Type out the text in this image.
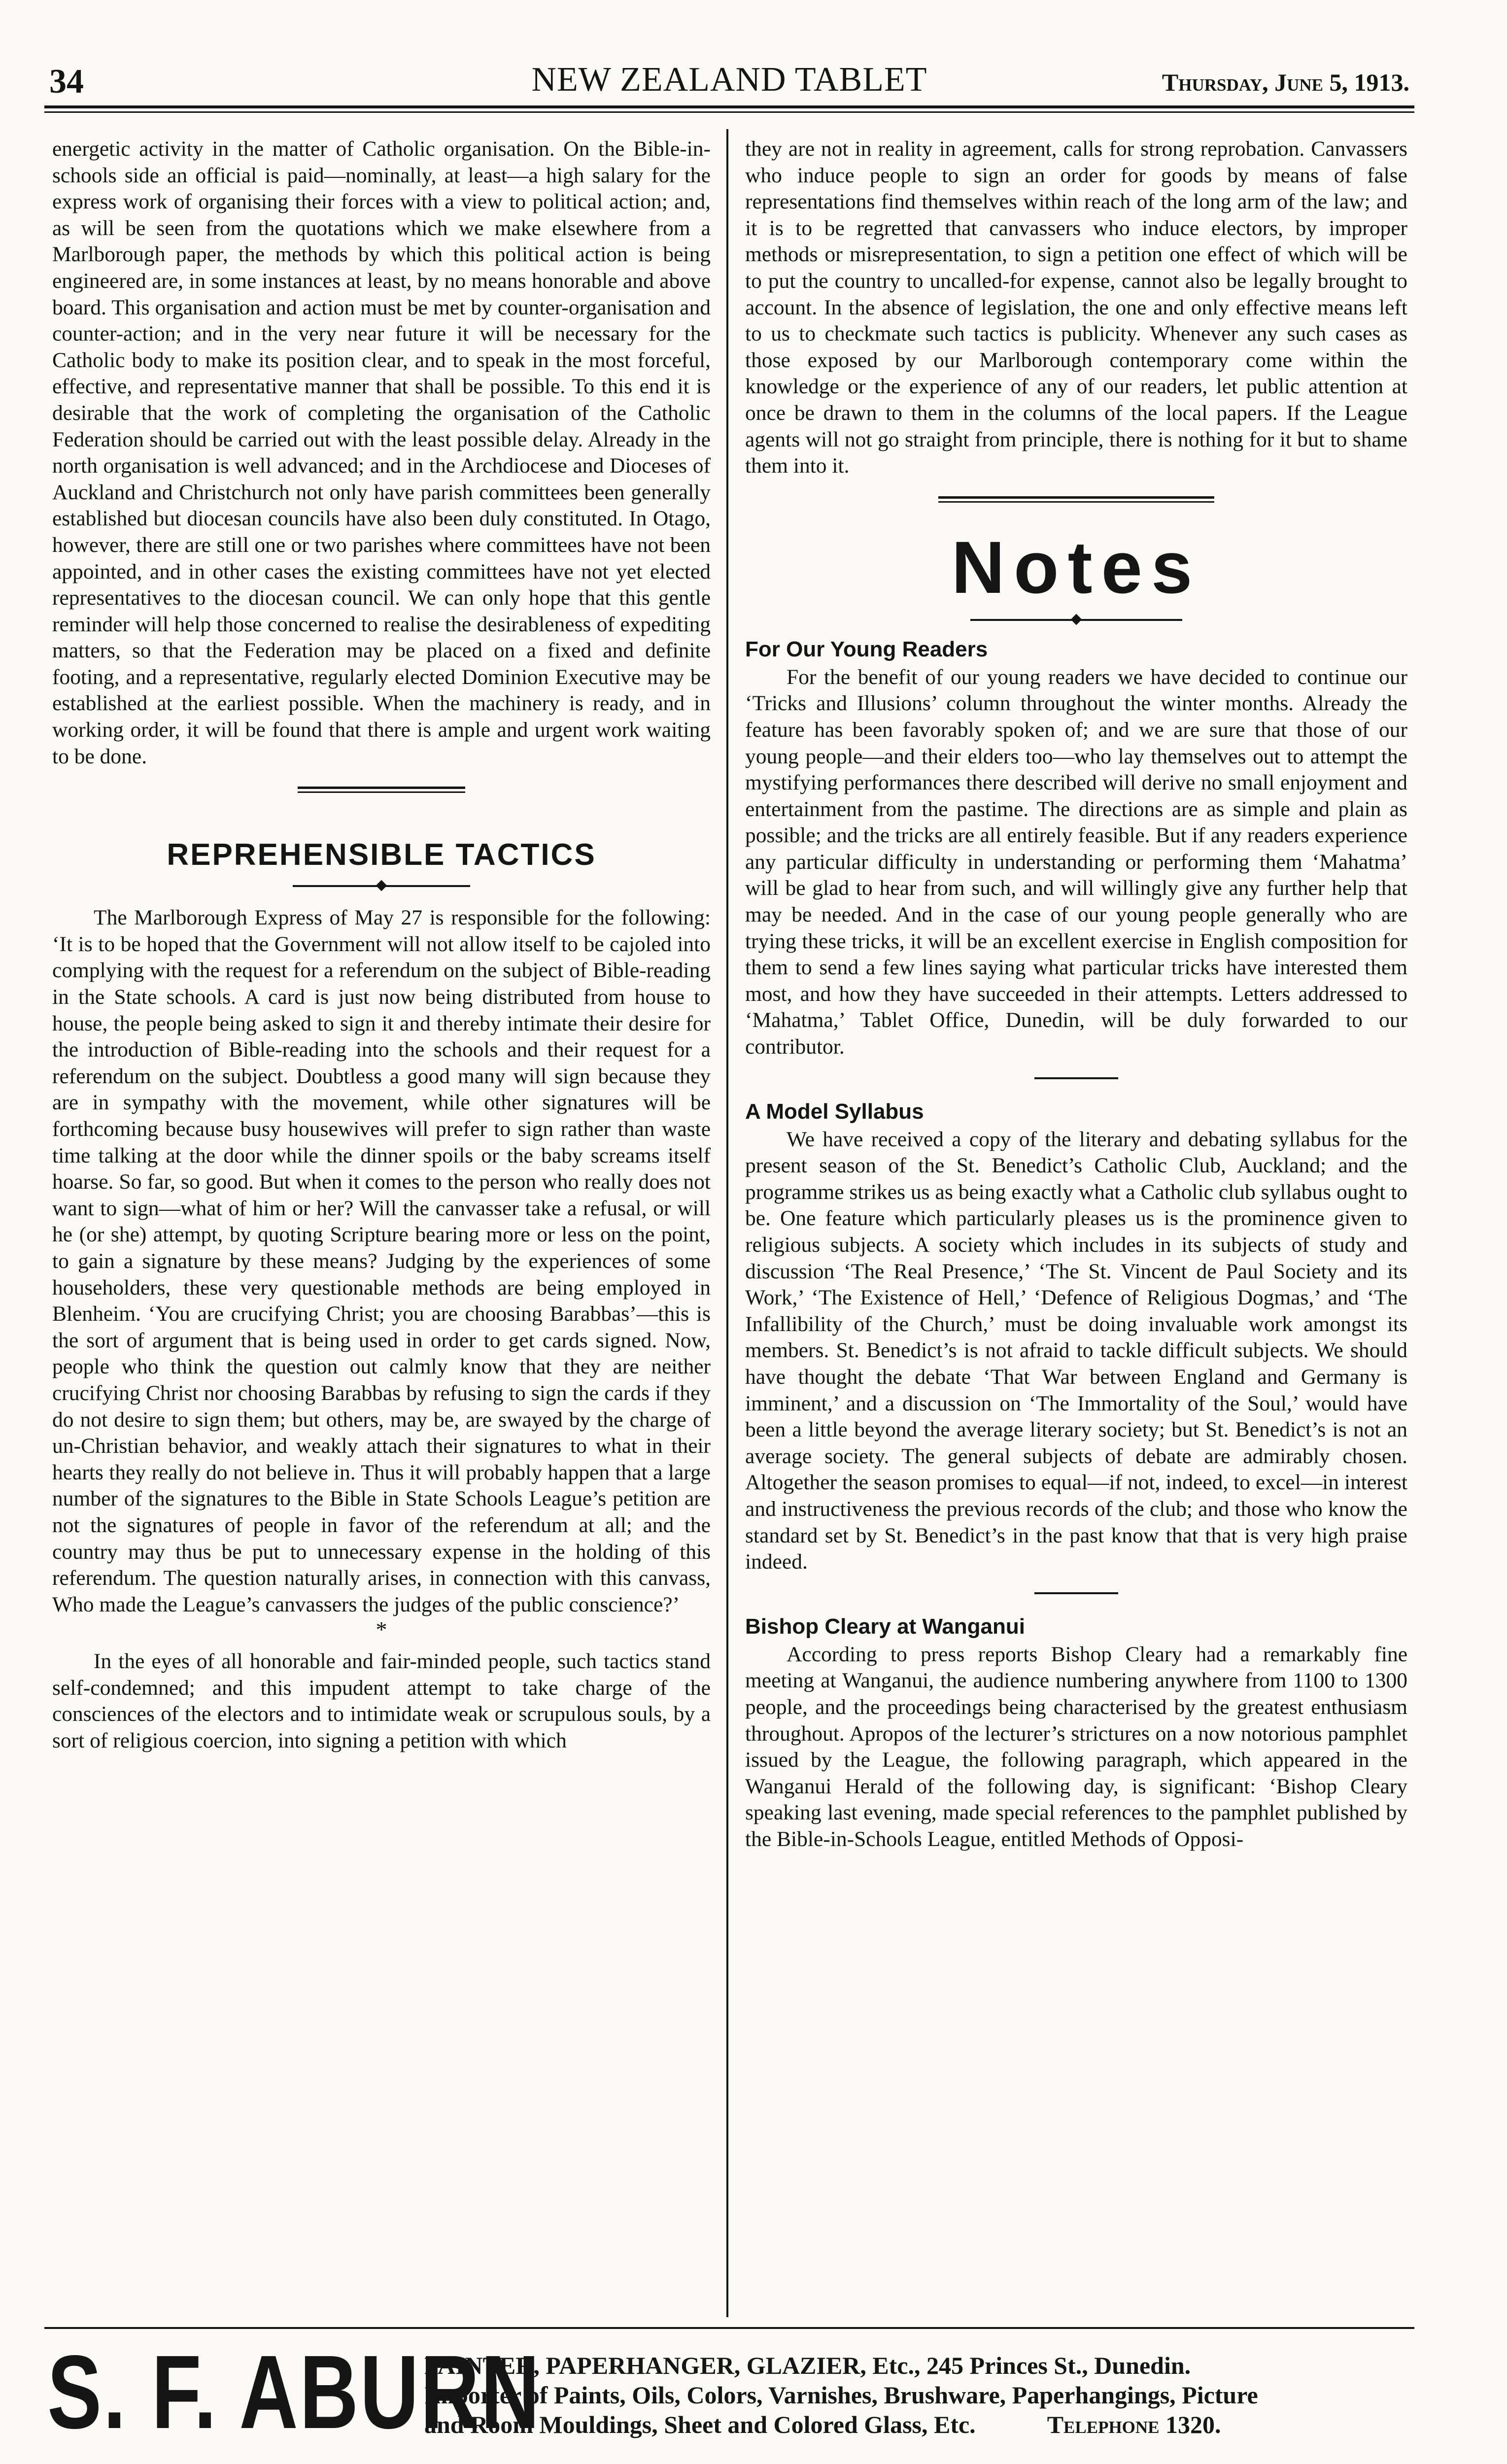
34	NEW ZEALAND TABLET	Thursday, June 5, 1913.

energetic activity in the matter of Catholic organisation. On the Bible-in-schools side an official is paid—nominally, at least—a high salary for the express work of organising their forces with a view to political action; and, as will be seen from the quotations which we make elsewhere from a Marlborough paper, the methods by which this political action is being engineered are, in some instances at least, by no means honorable and above board. This organisation and action must be met by counter-organisation and counter-action; and in the very near future it will be necessary for the Catholic body to make its position clear, and to speak in the most forceful, effective, and representative manner that shall be possible. To this end it is desirable that the work of completing the organisation of the Catholic Federation should be carried out with the least possible delay. Already in the north organisation is well advanced; and in the Archdiocese and Dioceses of Auckland and Christchurch not only have parish committees been generally established but diocesan councils have also been duly constituted. In Otago, however, there are still one or two parishes where committees have not been appointed, and in other cases the existing committees have not yet elected representatives to the diocesan council. We can only hope that this gentle reminder will help those concerned to realise the desirableness of expediting matters, so that the Federation may be placed on a fixed and definite footing, and a representative, regularly elected Dominion Executive may be established at the earliest possible. When the machinery is ready, and in working order, it will be found that there is ample and urgent work waiting to be done.

REPREHENSIBLE TACTICS

The Marlborough Express of May 27 is responsible for the following: ‘It is to be hoped that the Government will not allow itself to be cajoled into complying with the request for a referendum on the subject of Bible-reading in the State schools. A card is just now being distributed from house to house, the people being asked to sign it and thereby intimate their desire for the introduction of Bible-reading into the schools and their request for a referendum on the subject. Doubtless a good many will sign because they are in sympathy with the movement, while other signatures will be forthcoming because busy housewives will prefer to sign rather than waste time talking at the door while the dinner spoils or the baby screams itself hoarse. So far, so good. But when it comes to the person who really does not want to sign—what of him or her? Will the canvasser take a refusal, or will he (or she) attempt, by quoting Scripture bearing more or less on the point, to gain a signature by these means? Judging by the experiences of some householders, these very questionable methods are being employed in Blenheim. ‘You are crucifying Christ; you are choosing Barabbas’—this is the sort of argument that is being used in order to get cards signed. Now, people who think the question out calmly know that they are neither crucifying Christ nor choosing Barabbas by refusing to sign the cards if they do not desire to sign them; but others, may be, are swayed by the charge of un-Christian behavior, and weakly attach their signatures to what in their hearts they really do not believe in. Thus it will probably happen that a large number of the signatures to the Bible in State Schools League’s petition are not the signatures of people in favor of the referendum at all; and the country may thus be put to unnecessary expense in the holding of this referendum. The question naturally arises, in connection with this canvass, Who made the League’s canvassers the judges of the public conscience?’

*

In the eyes of all honorable and fair-minded people, such tactics stand self-condemned; and this impudent attempt to take charge of the consciences of the electors and to intimidate weak or scrupulous souls, by a sort of religious coercion, into signing a petition with which

they are not in reality in agreement, calls for strong reprobation. Canvassers who induce people to sign an order for goods by means of false representations find themselves within reach of the long arm of the law; and it is to be regretted that canvassers who induce electors, by improper methods or misrepresentation, to sign a petition one effect of which will be to put the country to uncalled-for expense, cannot also be legally brought to account. In the absence of legislation, the one and only effective means left to us to checkmate such tactics is publicity. Whenever any such cases as those exposed by our Marlborough contemporary come within the knowledge or the experience of any of our readers, let public attention at once be drawn to them in the columns of the local papers. If the League agents will not go straight from principle, there is nothing for it but to shame them into it.

Notes
For Our Young Readers

For the benefit of our young readers we have decided to continue our ‘Tricks and Illusions’ column throughout the winter months. Already the feature has been favorably spoken of; and we are sure that those of our young people—and their elders too—who lay themselves out to attempt the mystifying performances there described will derive no small enjoyment and entertainment from the pastime. The directions are as simple and plain as possible; and the tricks are all entirely feasible. But if any readers experience any particular difficulty in understanding or performing them ‘Mahatma’ will be glad to hear from such, and will willingly give any further help that may be needed. And in the case of our young people generally who are trying these tricks, it will be an excellent exercise in English composition for them to send a few lines saying what particular tricks have interested them most, and how they have succeeded in their attempts. Letters addressed to ‘Mahatma,’ Tablet Office, Dunedin, will be duly forwarded to our contributor.

A Model Syllabus

We have received a copy of the literary and debating syllabus for the present season of the St. Benedict’s Catholic Club, Auckland; and the programme strikes us as being exactly what a Catholic club syllabus ought to be. One feature which particularly pleases us is the prominence given to religious subjects. A society which includes in its subjects of study and discussion ‘The Real Presence,’ ‘The St. Vincent de Paul Society and its Work,’ ‘The Existence of Hell,’ ‘Defence of Religious Dogmas,’ and ‘The Infallibility of the Church,’ must be doing invaluable work amongst its members. St. Benedict’s is not afraid to tackle difficult subjects. We should have thought the debate ‘That War between England and Germany is imminent,’ and a discussion on ‘The Immortality of the Soul,’ would have been a little beyond the average literary society; but St. Benedict’s is not an average society. The general subjects of debate are admirably chosen. Altogether the season promises to equal—if not, indeed, to excel—in interest and instructiveness the previous records of the club; and those who know the standard set by St. Benedict’s in the past know that that is very high praise indeed.

Bishop Cleary at Wanganui

According to press reports Bishop Cleary had a remarkably fine meeting at Wanganui, the audience numbering anywhere from 1100 to 1300 people, and the proceedings being characterised by the greatest enthusiasm throughout. Apropos of the lecturer’s strictures on a now notorious pamphlet issued by the League, the following paragraph, which appeared in the Wanganui Herald of the following day, is significant: ‘Bishop Cleary speaking last evening, made special references to the pamphlet published by the Bible-in-Schools League, entitled Methods of Opposi-

S. F. ABURN
PAINTER, PAPERHANGER, GLAZIER, Etc., 245 Princes St., Dunedin.
Importer of Paints, Oils, Colors, Varnishes, Brushware, Paperhangings, Picture
and Room Mouldings, Sheet and Colored Glass, Etc.	Telephone 1320.
